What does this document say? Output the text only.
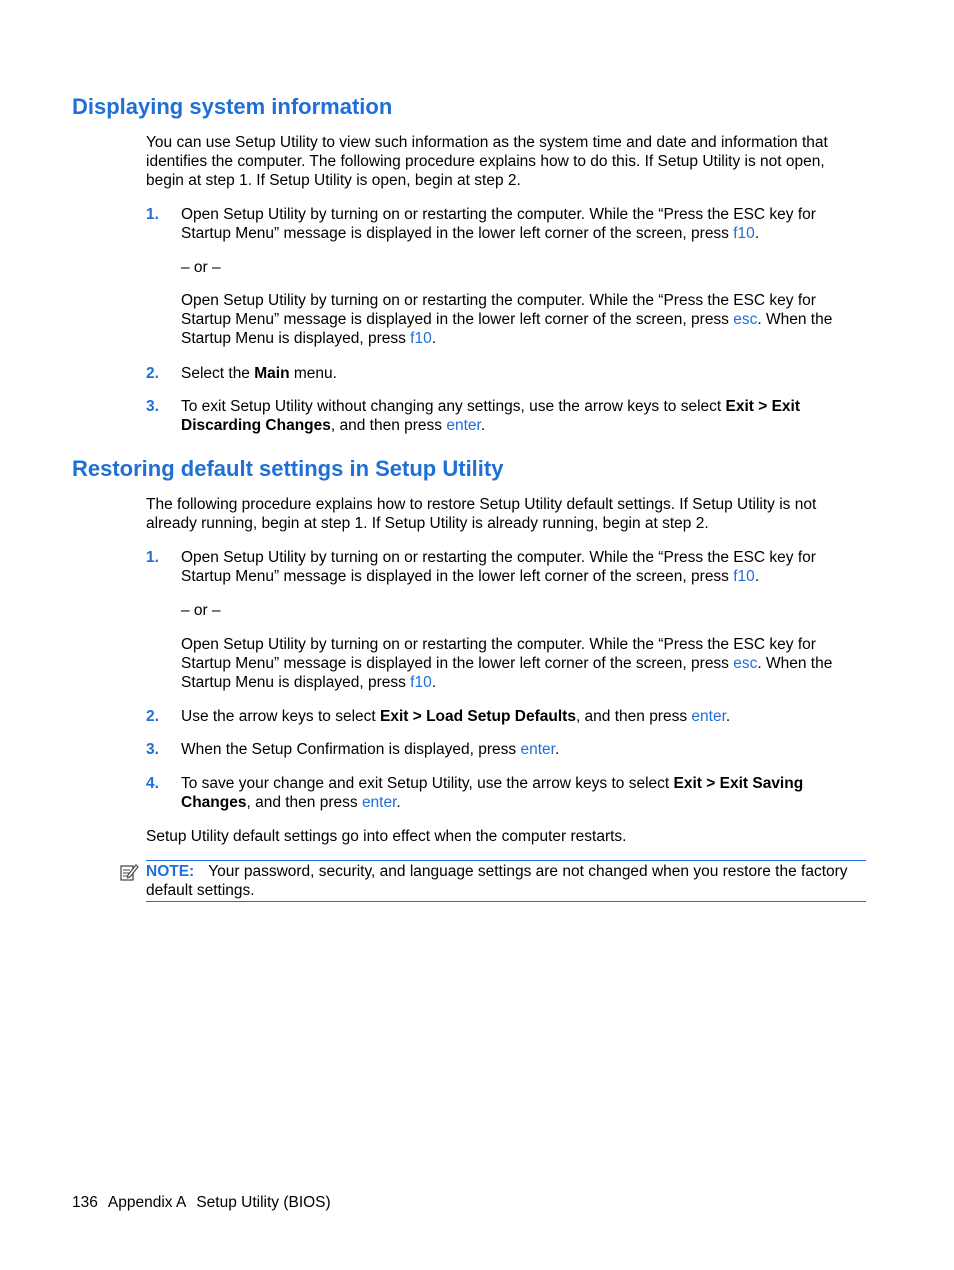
Displaying system information

You can use Setup Utility to view such information as the system time and date and information that identifies the computer. The following procedure explains how to do this. If Setup Utility is not open, begin at step 1. If Setup Utility is open, begin at step 2.

1.	Open Setup Utility by turning on or restarting the computer. While the “Press the ESC key for Startup Menu” message is displayed in the lower left corner of the screen, press f10.

– or –

Open Setup Utility by turning on or restarting the computer. While the “Press the ESC key for Startup Menu” message is displayed in the lower left corner of the screen, press esc. When the Startup Menu is displayed, press f10.

2.	Select the Main menu.
3.	To exit Setup Utility without changing any settings, use the arrow keys to select Exit > Exit Discarding Changes, and then press enter.
Restoring default settings in Setup Utility

The following procedure explains how to restore Setup Utility default settings. If Setup Utility is not already running, begin at step 1. If Setup Utility is already running, begin at step 2.

1.	Open Setup Utility by turning on or restarting the computer. While the “Press the ESC key for Startup Menu” message is displayed in the lower left corner of the screen, press f10.

– or –

Open Setup Utility by turning on or restarting the computer. While the “Press the ESC key for Startup Menu” message is displayed in the lower left corner of the screen, press esc. When the Startup Menu is displayed, press f10.

2.	Use the arrow keys to select Exit > Load Setup Defaults, and then press enter.
3.	When the Setup Confirmation is displayed, press enter.
4.	To save your change and exit Setup Utility, use the arrow keys to select Exit > Exit Saving Changes, and then press enter.

Setup Utility default settings go into effect when the computer restarts.

NOTE: Your password, security, and language settings are not changed when you restore the factory default settings.
136 Appendix A Setup Utility (BIOS)
